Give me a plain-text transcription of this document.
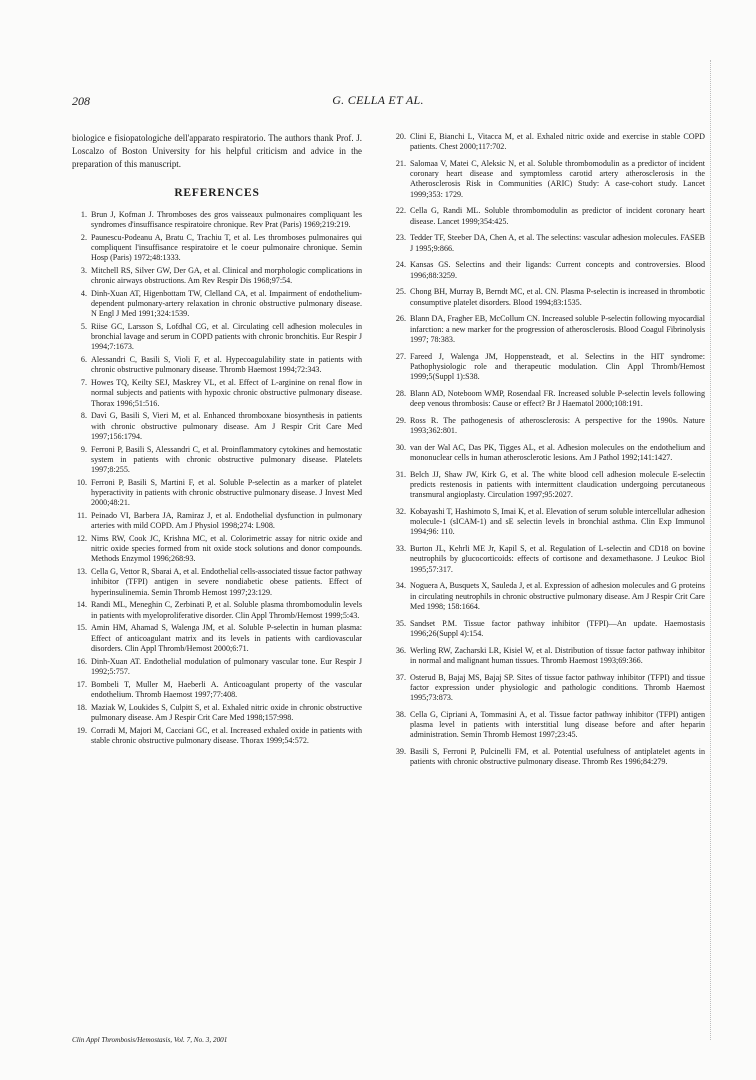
208	G. CELLA ET AL.

biologice e fisiopatologiche dell'apparato respiratorio. The authors thank Prof. J. Loscalzo of Boston University for his helpful criticism and advice in the preparation of this manuscript.

REFERENCES
1. Brun J, Kofman J. Thromboses des gros vaisseaux pulmonaires compliquant les syndromes d'insuffisance respiratoire chronique. Rev Prat (Paris) 1969;219:219.
2. Paunescu-Podeanu A, Bratu C, Trachiu T, et al. Les thromboses pulmonaires qui compliquent l'insuffisance respiratoire et le coeur pulmonaire chronique. Semin Hosp (Paris) 1972;48:1333.
3. Mitchell RS, Silver GW, Der GA, et al. Clinical and morphologic complications in chronic airways obstructions. Am Rev Respir Dis 1968;97:54.
4. Dinh-Xuan AT, Higenbottam TW, Clelland CA, et al. Impairment of endothelium-dependent pulmonary-artery relaxation in chronic obstructive pulmonary disease. N Engl J Med 1991;324:1539.
5. Riise GC, Larsson S, Lofdhal CG, et al. Circulating cell adhesion molecules in bronchial lavage and serum in COPD patients with chronic bronchitis. Eur Respir J 1994;7:1673.
6. Alessandri C, Basili S, Violi F, et al. Hypecoagulability state in patients with chronic obstructive pulmonary disease. Thromb Haemost 1994;72:343.
7. Howes TQ, Keilty SEJ, Maskrey VL, et al. Effect of L-arginine on renal flow in normal subjects and patients with hypoxic chronic obstructive pulmonary disease. Thorax 1996;51:516.
8. Davì G, Basili S, Vieri M, et al. Enhanced thromboxane biosynthesis in patients with chronic obstructive pulmonary disease. Am J Respir Crit Care Med 1997;156:1794.
9. Ferroni P, Basili S, Alessandri C, et al. Proinflammatory cytokines and hemostatic system in patients with chronic obstructive pulmonary disease. Platelets 1997;8:255.
10. Ferroni P, Basili S, Martini F, et al. Soluble P-selectin as a marker of platelet hyperactivity in patients with chronic obstructive pulmonary disease. J Invest Med 2000;48:21.
11. Peinado VI, Barbera JA, Ramiraz J, et al. Endothelial dysfunction in pulmonary arteries with mild COPD. Am J Physiol 1998;274: L908.
12. Nims RW, Cook JC, Krishna MC, et al. Colorimetric assay for nitric oxide and nitric oxide species formed from nit oxide stock solutions and donor compounds. Methods Enzymol 1996;268:93.
13. Cella G, Vettor R, Sbarai A, et al. Endothelial cells-associated tissue factor pathway inhibitor (TFPI) antigen in severe nondiabetic obese patients. Effect of hyperinsulinemia. Semin Thromb Hemost 1997;23:129.
14. Randi ML, Meneghin C, Zerbinati P, et al. Soluble plasma thrombomodulin levels in patients with myeloproliferative disorder. Clin Appl Thromb/Hemost 1999;5:43.
15. Amin HM, Ahamad S, Walenga JM, et al. Soluble P-selectin in human plasma: Effect of anticoagulant matrix and its levels in patients with cardiovascular disorders. Clin Appl Thromb/Hemost 2000;6:71.
16. Dinh-Xuan AT. Endothelial modulation of pulmonary vascular tone. Eur Respir J 1992;5:757.
17. Bombeli T, Muller M, Haeberli A. Anticoagulant property of the vascular endothelium. Thromb Haemost 1997;77:408.
18. Maziak W, Loukides S, Culpitt S, et al. Exhaled nitric oxide in chronic obstructive pulmonary disease. Am J Respir Crit Care Med 1998;157:998.
19. Corradi M, Majori M, Cacciani GC, et al. Increased exhaled oxide in patients with stable chronic obstructive pulmonary disease. Thorax 1999;54:572.
20. Clini E, Bianchi L, Vitacca M, et al. Exhaled nitric oxide and exercise in stable COPD patients. Chest 2000;117:702.
21. Salomaa V, Matei C, Aleksic N, et al. Soluble thrombomodulin as a predictor of incident coronary heart disease and symptomless carotid artery atherosclerosis in the Atherosclerosis Risk in Communities (ARIC) Study: A case-cohort study. Lancet 1999;353: 1729.
22. Cella G, Randi ML. Soluble thrombomodulin as predictor of incident coronary heart disease. Lancet 1999;354:425.
23. Tedder TF, Steeber DA, Chen A, et al. The selectins: vascular adhesion molecules. FASEB J 1995;9:866.
24. Kansas GS. Selectins and their ligands: Current concepts and controversies. Blood 1996;88:3259.
25. Chong BH, Murray B, Berndt MC, et al. CN. Plasma P-selectin is increased in thrombotic consumptive platelet disorders. Blood 1994;83:1535.
26. Blann DA, Fragher EB, McCollum CN. Increased soluble P-selectin following myocardial infarction: a new marker for the progression of atherosclerosis. Blood Coagul Fibrinolysis 1997; 78:383.
27. Fareed J, Walenga JM, Hoppensteadt, et al. Selectins in the HIT syndrome: Pathophysiologic role and therapeutic modulation. Clin Appl Thromb/Hemost 1999;5(Suppl 1):S38.
28. Blann AD, Noteboom WMP, Rosendaal FR. Increased soluble P-selectin levels following deep venous thrombosis: Cause or effect? Br J Haematol 2000;108:191.
29. Ross R. The pathogenesis of atherosclerosis: A perspective for the 1990s. Nature 1993;362:801.
30. van der Wal AC, Das PK, Tigges AL, et al. Adhesion molecules on the endothelium and mononuclear cells in human atherosclerotic lesions. Am J Pathol 1992;141:1427.
31. Belch JJ, Shaw JW, Kirk G, et al. The white blood cell adhesion molecule E-selectin predicts restenosis in patients with intermittent claudication undergoing percutaneous transmural angioplasty. Circulation 1997;95:2027.
32. Kobayashi T, Hashimoto S, Imai K, et al. Elevation of serum soluble intercellular adhesion molecule-1 (sICAM-1) and sE selectin levels in bronchial asthma. Clin Exp Immunol 1994;96: 110.
33. Burton JL, Kehrli ME Jr, Kapil S, et al. Regulation of L-selectin and CD18 on bovine neutrophils by glucocorticoids: effects of cortisone and dexamethasone. J Leukoc Biol 1995;57:317.
34. Noguera A, Busquets X, Sauleda J, et al. Expression of adhesion molecules and G proteins in circulating neutrophils in chronic obstructive pulmonary disease. Am J Respir Crit Care Med 1998; 158:1664.
35. Sandset P.M. Tissue factor pathway inhibitor (TFPI)—An update. Haemostasis 1996;26(Suppl 4):154.
36. Werling RW, Zacharski LR, Kisiel W, et al. Distribution of tissue factor pathway inhibitor in normal and malignant human tissues. Thromb Haemost 1993;69:366.
37. Osterud B, Bajaj MS, Bajaj SP. Sites of tissue factor pathway inhibitor (TFPI) and tissue factor expression under physiologic and pathologic conditions. Thromb Haemost 1995;73:873.
38. Cella G, Cipriani A, Tommasini A, et al. Tissue factor pathway inhibitor (TFPI) antigen plasma level in patients with interstitial lung disease before and after heparin administration. Semin Thromb Hemost 1997;23:45.
39. Basili S, Ferroni P, Pulcinelli FM, et al. Potential usefulness of antiplatelet agents in patients with chronic obstructive pulmonary disease. Thromb Res 1996;84:279.
Clin Appl Thrombosis/Hemostasis, Vol. 7, No. 3, 2001
